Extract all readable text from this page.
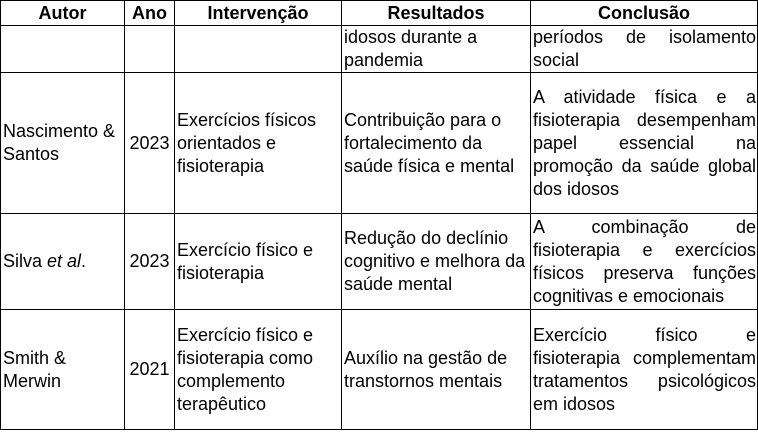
Autor	Ano	Intervenção	Resultados	Conclusão
			idosos durante a pandemia	períodos de isolamento social
Nascimento & Santos	2023	Exercícios físicos orientados e fisioterapia	Contribuição para o fortalecimento da saúde física e mental	A atividade física e a fisioterapia desempenham papel essencial na promoção da saúde global dos idosos
Silva et al.	2023	Exercício físico e fisioterapia	Redução do declínio cognitivo e melhora da saúde mental	A combinação de fisioterapia e exercícios físicos preserva funções cognitivas e emocionais
Smith & Merwin	2021	Exercício físico e fisioterapia como complemento terapêutico	Auxílio na gestão de transtornos mentais	Exercício físico e fisioterapia complementam tratamentos psicológicos em idosos
